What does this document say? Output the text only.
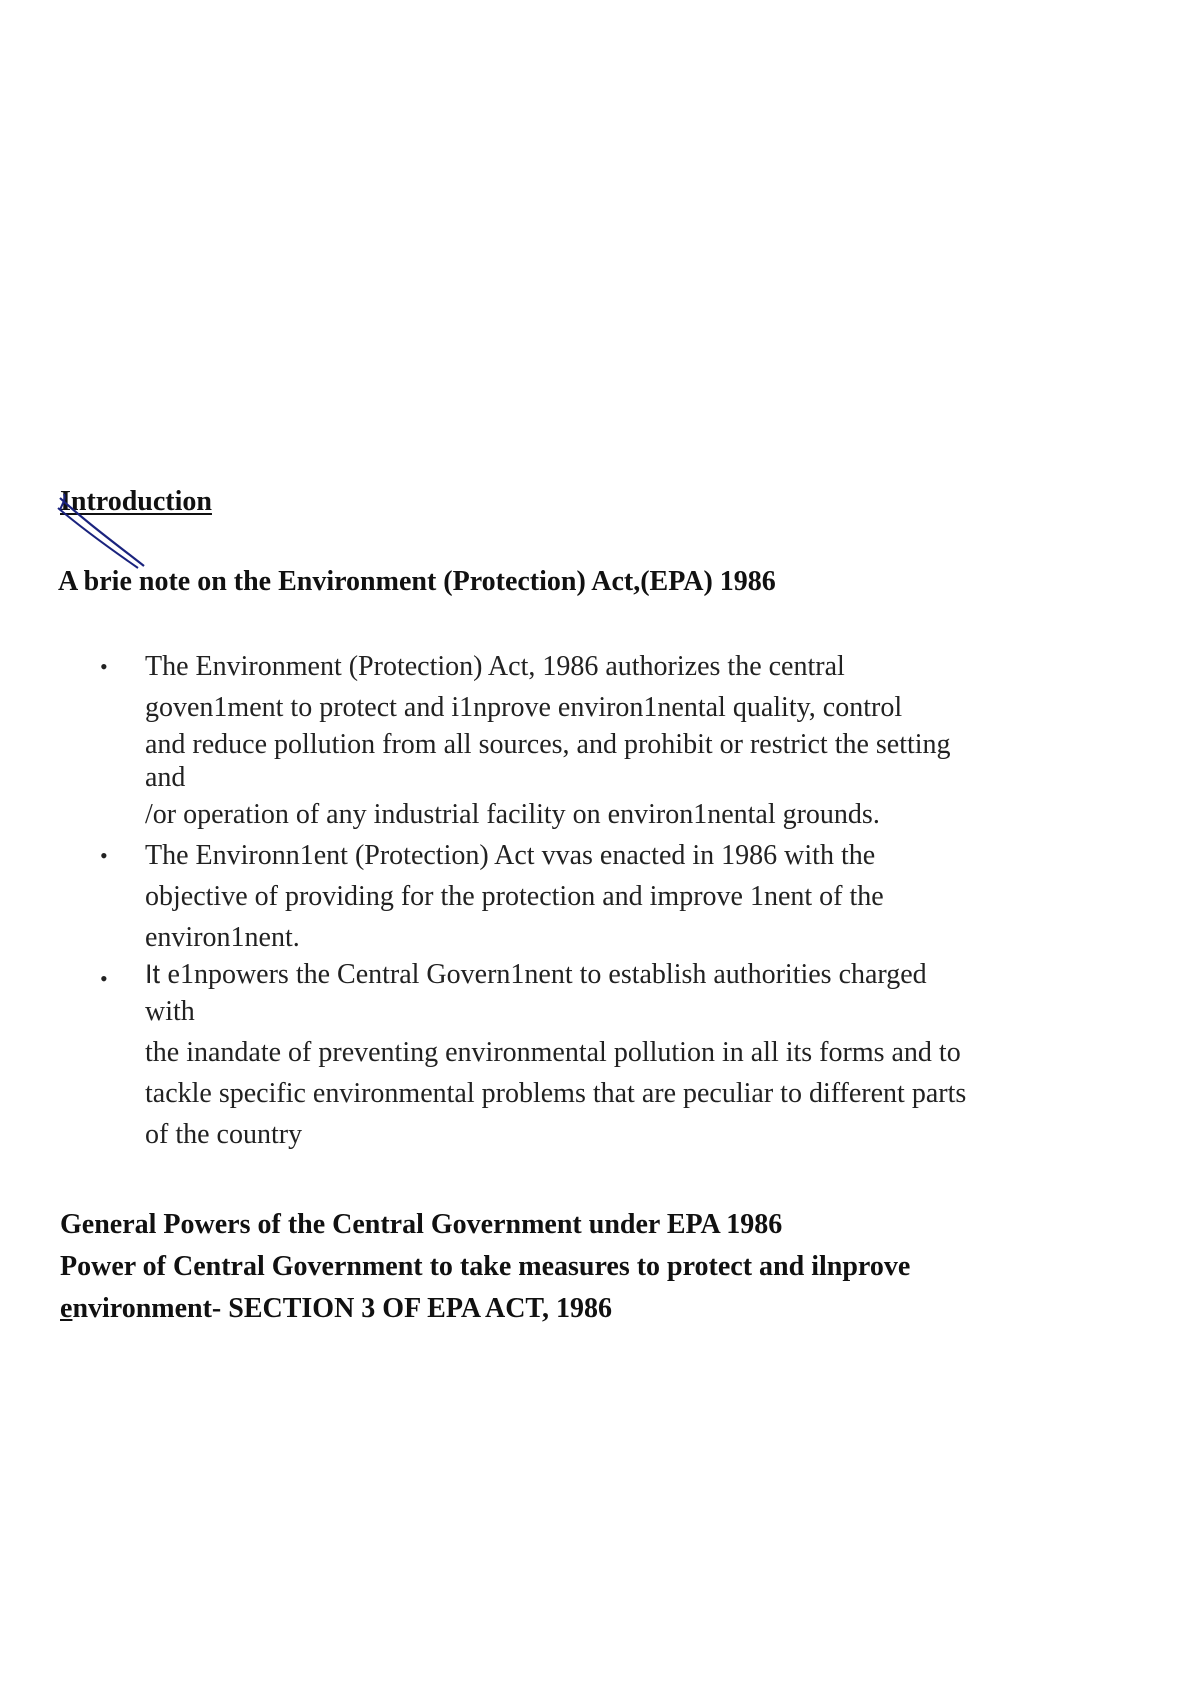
Introduction
A brie note on the Environment (Protection) Act,(EPA) 1986
• The Environment (Protection) Act, 1986 authorizes the central
goven1ment to protect and i1nprove environ1nental quality, control
and reduce pollution from all sources, and prohibit or restrict the setting
and
/or operation of any industrial facility on environ1nental grounds.
• The Environn1ent (Protection) Act vvas enacted in 1986 with the
objective of providing for the protection and improve 1nent of the
environ1nent.
• It e1npowers the Central Govern1nent to establish authorities charged
with
the inandate of preventing environmental pollution in all its forms and to
tackle specific environmental problems that are peculiar to different parts
of the country
General Powers of the Central Government under EPA 1986
Power of Central Government to take measures to protect and ilnprove
environment- SECTION 3 OF EPA ACT, 1986
